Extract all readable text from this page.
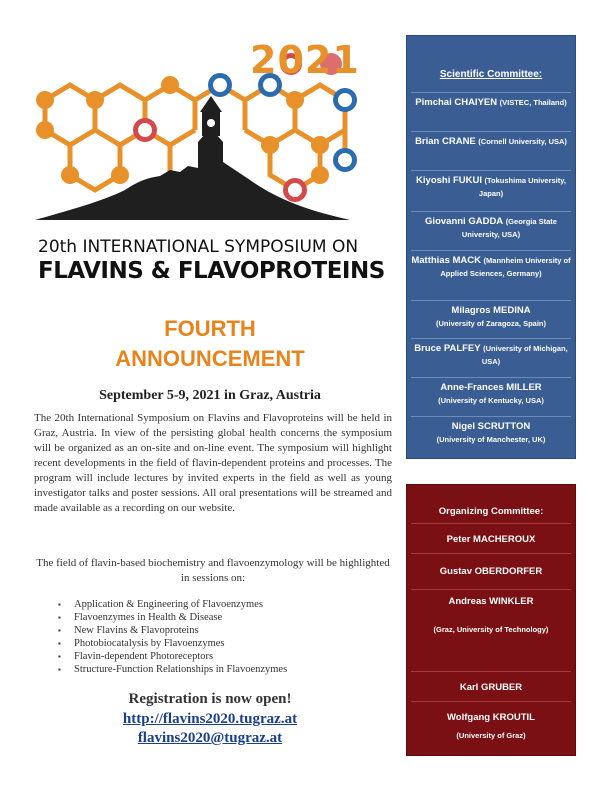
2021
20th INTERNATIONAL SYMPOSIUM ON
FLAVINS & FLAVOPROTEINS
FOURTH
ANNOUNCEMENT
September 5-9, 2021 in Graz, Austria
The 20th International Symposium on Flavins and Flavoproteins will be held in Graz, Austria. In view of the persisting global health concerns the symposium will be organized as an on-site and on-line event. The symposium will highlight recent developments in the field of flavin-dependent proteins and processes. The program will include lectures by invited experts in the field as well as young investigator talks and poster sessions. All oral presentations will be streamed and made available as a recording on our website.
The field of flavin-based biochemistry and flavoenzymology will be highlighted in sessions on:
▪ Application & Engineering of Flavoenzymes
▪ Flavoenzymes in Health & Disease
▪ New Flavins & Flavoproteins
▪ Photobiocatalysis by Flavoenzymes
▪ Flavin-dependent Photoreceptors
▪ Structure-Function Relationships in Flavoenzymes
Registration is now open!
http://flavins2020.tugraz.at
flavins2020@tugraz.at
Scientific Committee:
Pimchai CHAIYEN (VISTEC, Thailand)
Brian CRANE (Cornell University, USA)
Kiyoshi FUKUI (Tokushima University, Japan)
Giovanni GADDA (Georgia State University, USA)
Matthias MACK (Mannheim University of Applied Sciences, Germany)
Milagros MEDINA
(University of Zaragoza, Spain)
Bruce PALFEY (University of Michigan, USA)
Anne-Frances MILLER
(University of Kentucky, USA)
Nigel SCRUTTON
(University of Manchester, UK)
Organizing Committee:
Peter MACHEROUX
Gustav OBERDORFER
Andreas WINKLER
(Graz, University of Technology)
Karl GRUBER
Wolfgang KROUTIL
(University of Graz)
